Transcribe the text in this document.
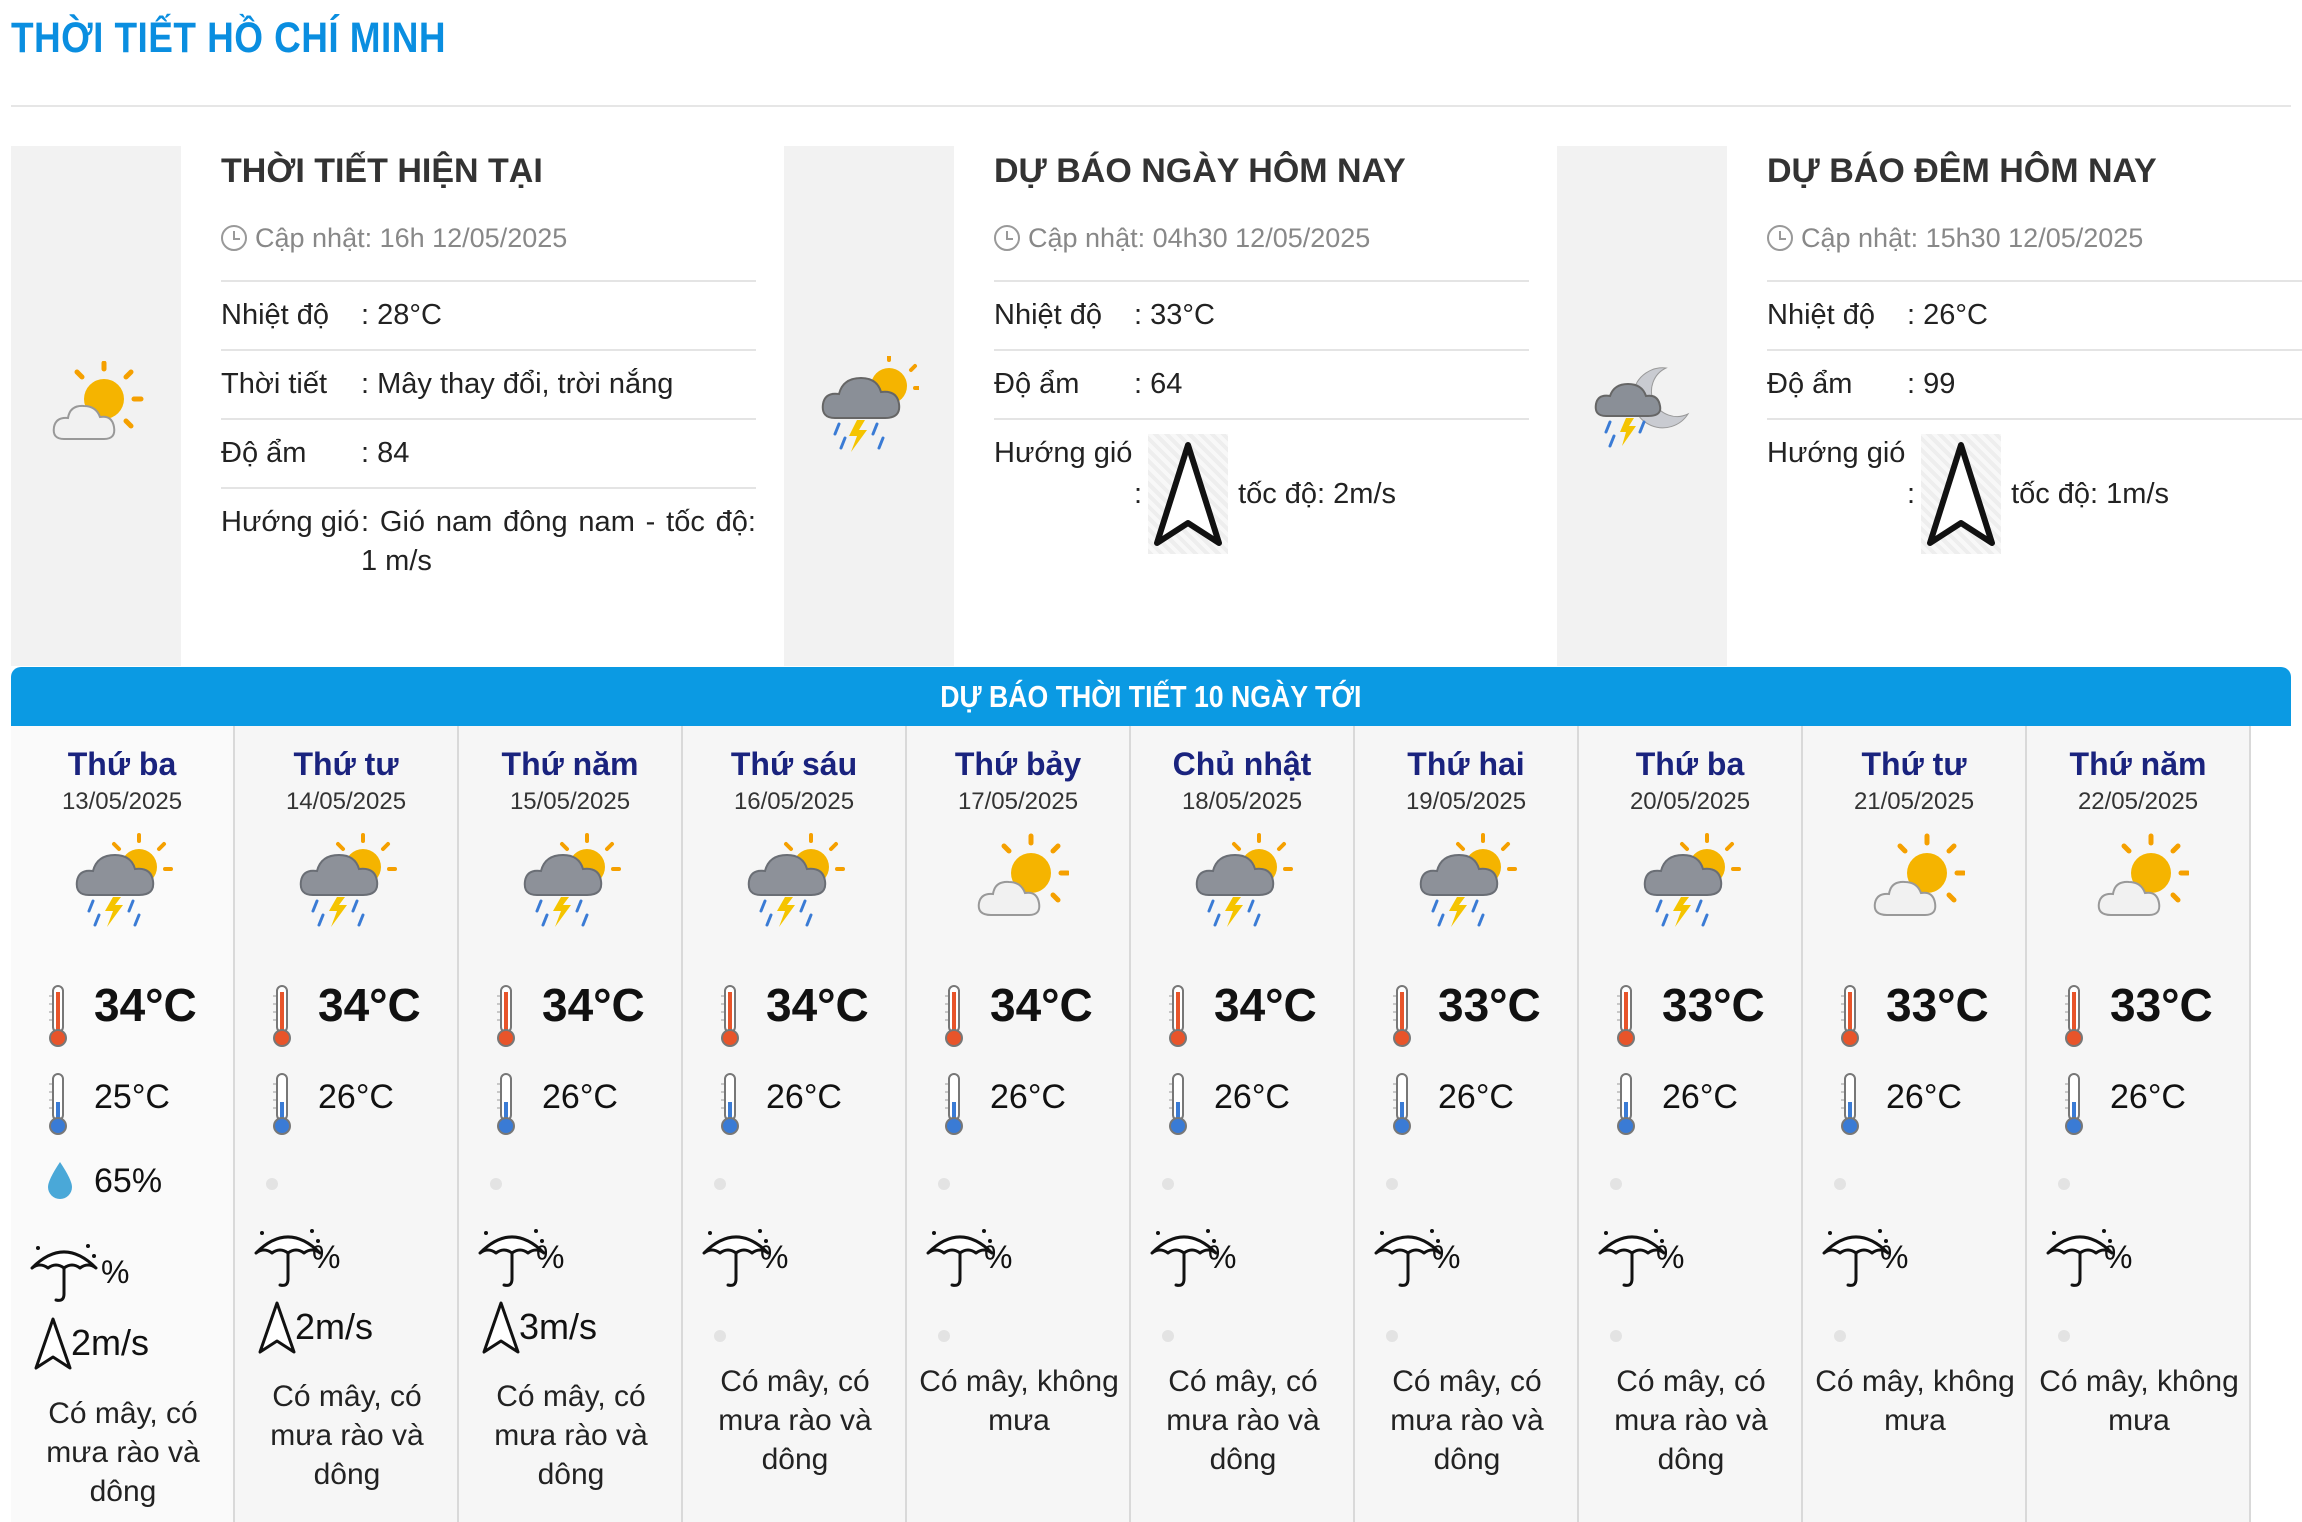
THỜI TIẾT HỒ CHÍ MINH
THỜI TIẾT HIỆN TẠI
Cập nhật: 16h 12/05/2025
Nhiệt độ	: 28°C
Thời tiết	: Mây thay đổi, trời nắng
Độ ẩm	: 84
Hướng gió : Gió nam đông nam - tốc độ: 1 m/s
DỰ BÁO NGÀY HÔM NAY
Cập nhật: 04h30 12/05/2025
Nhiệt độ	: 33°C
Độ ẩm	: 64
Hướng gió
:	tốc độ: 2m/s
DỰ BÁO ĐÊM HÔM NAY
Cập nhật: 15h30 12/05/2025
Nhiệt độ	: 26°C
Độ ẩm	: 99
Hướng gió
:	tốc độ: 1m/s
DỰ BÁO THỜI TIẾT 10 NGÀY TỚI
Thứ ba
13/05/2025
34°C
25°C
65%
%
2m/s
Có mây, có mưa rào và dông
Thứ tư
14/05/2025
34°C
26°C
%
2m/s
Có mây, có mưa rào và dông
Thứ năm
15/05/2025
34°C
26°C
%
3m/s
Có mây, có mưa rào và dông
Thứ sáu
16/05/2025
34°C
26°C
%
Có mây, có mưa rào và dông
Thứ bảy
17/05/2025
34°C
26°C
%
Có mây, không mưa
Chủ nhật
18/05/2025
34°C
26°C
%
Có mây, có mưa rào và dông
Thứ hai
19/05/2025
33°C
26°C
%
Có mây, có mưa rào và dông
Thứ ba
20/05/2025
33°C
26°C
%
Có mây, có mưa rào và dông
Thứ tư
21/05/2025
33°C
26°C
%
Có mây, không mưa
Thứ năm
22/05/2025
33°C
26°C
%
Có mây, không mưa
